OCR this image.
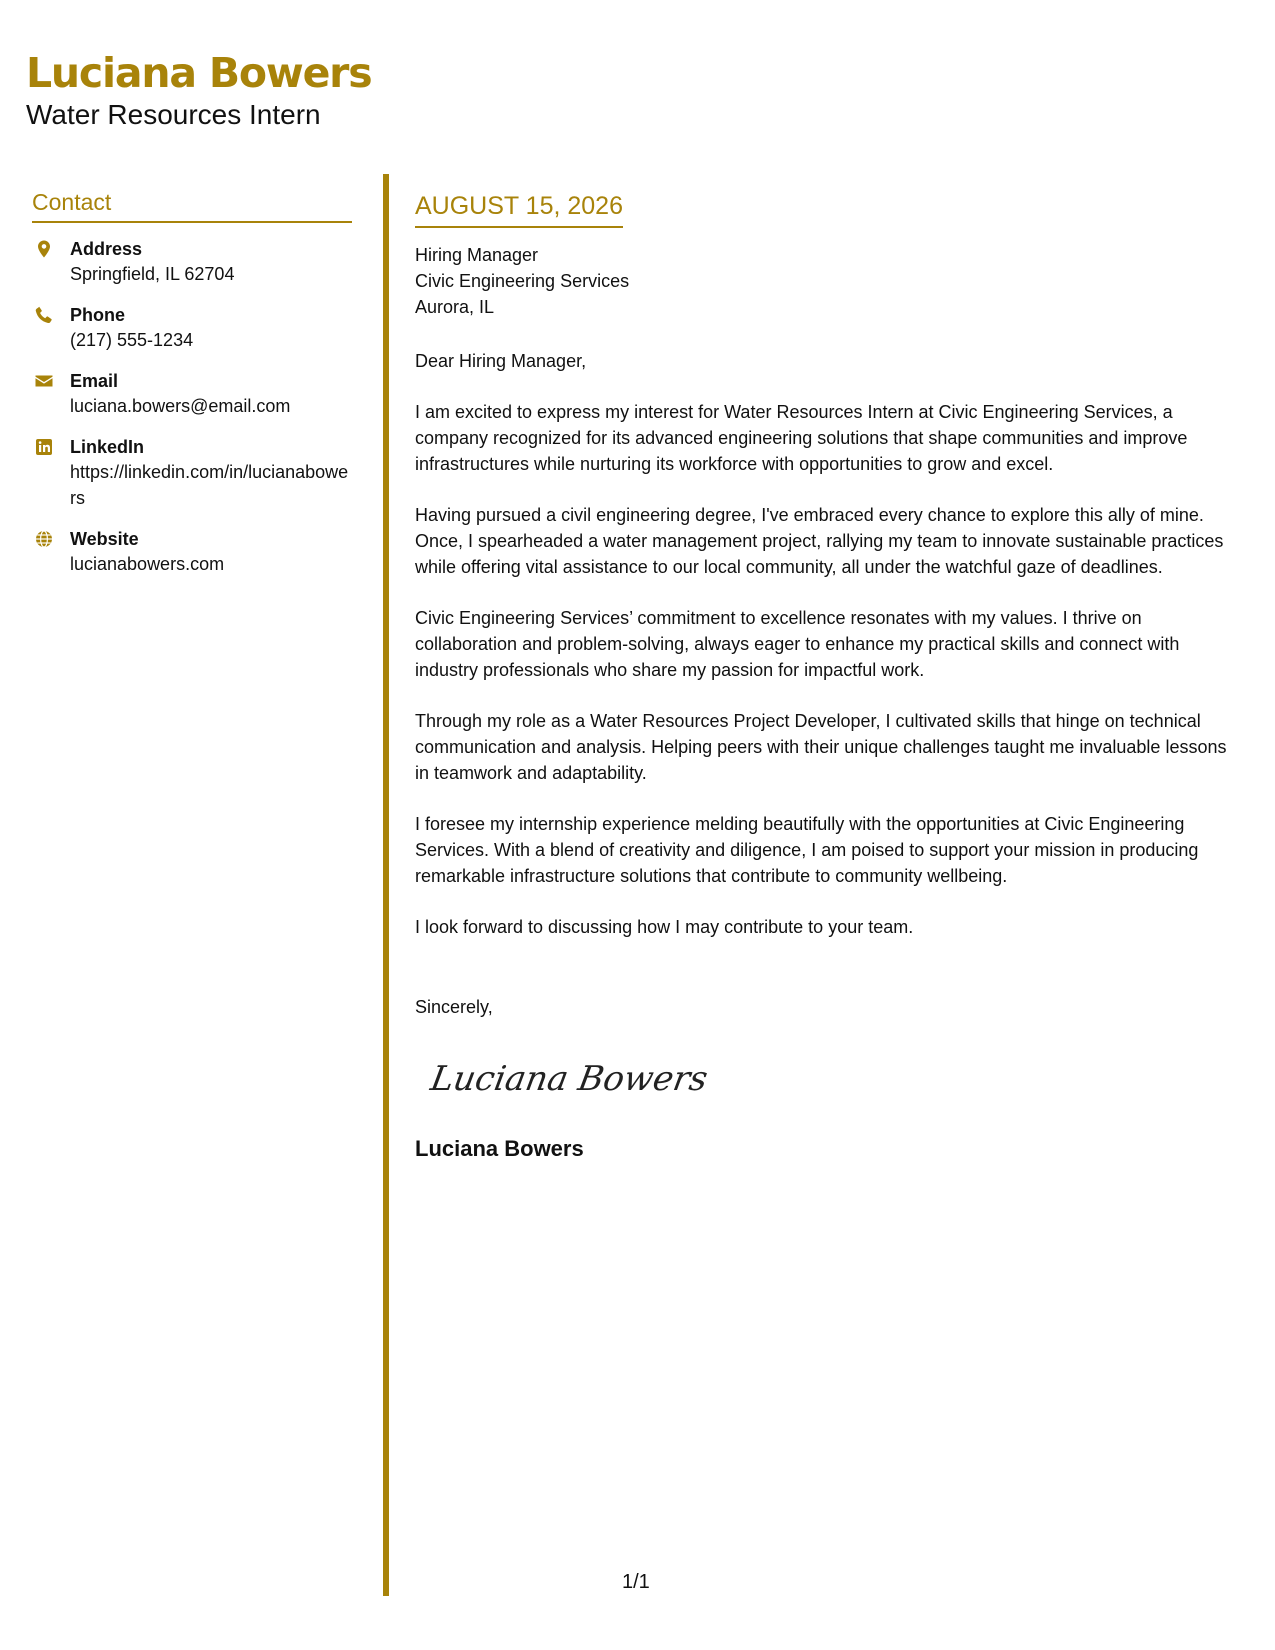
Luciana Bowers
Water Resources Intern
Contact
Address
Springfield, IL 62704
Phone
(217) 555-1234
Email
luciana.bowers@email.com
LinkedIn
https://linkedin.com/in/lucianabowers
Website
lucianabowers.com
AUGUST 15, 2026
Hiring Manager
Civic Engineering Services
Aurora, IL
Dear Hiring Manager,

I am excited to express my interest for Water Resources Intern at Civic Engineering Services, a company recognized for its advanced engineering solutions that shape communities and improve infrastructures while nurturing its workforce with opportunities to grow and excel.

Having pursued a civil engineering degree, I've embraced every chance to explore this ally of mine. Once, I spearheaded a water management project, rallying my team to innovate sustainable practices while offering vital assistance to our local community, all under the watchful gaze of deadlines.

Civic Engineering Services’ commitment to excellence resonates with my values. I thrive on collaboration and problem-solving, always eager to enhance my practical skills and connect with industry professionals who share my passion for impactful work.

Through my role as a Water Resources Project Developer, I cultivated skills that hinge on technical communication and analysis. Helping peers with their unique challenges taught me invaluable lessons in teamwork and adaptability.

I foresee my internship experience melding beautifully with the opportunities at Civic Engineering Services. With a blend of creativity and diligence, I am poised to support your mission in producing remarkable infrastructure solutions that contribute to community wellbeing.

I look forward to discussing how I may contribute to your team.

Sincerely,
Luciana Bowers
Luciana Bowers
1/1
